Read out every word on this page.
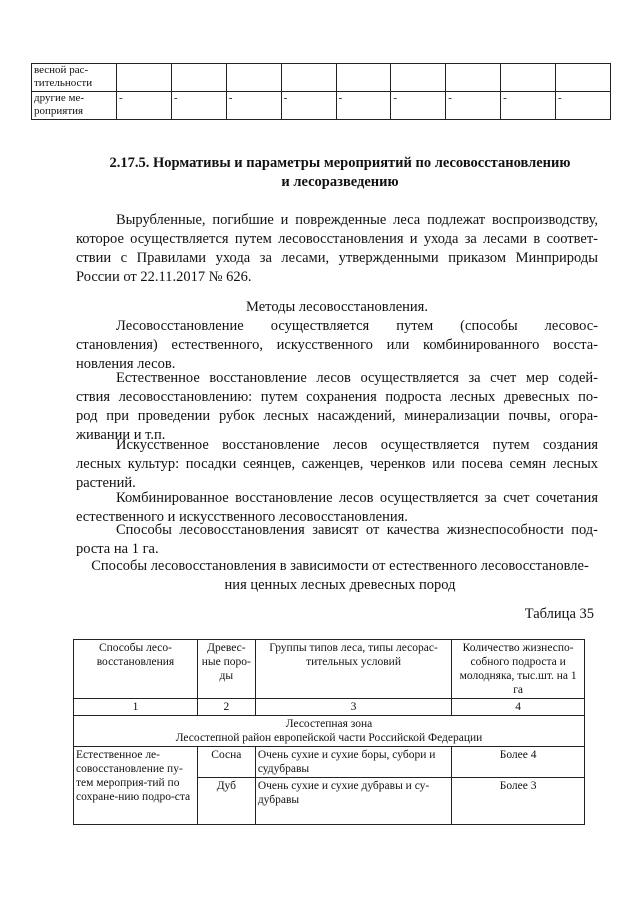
весной рас-тительности									
другие ме-роприятия	-	-	-	-	-	-	-	-	-
2.17.5. Нормативы и параметры мероприятий по лесовосстановлению
и лесоразведению
Вырубленные, погибшие и поврежденные леса подлежат воспроизводству,
которое осуществляется путем лесовосстановления и ухода за лесами в соответ-
ствии с Правилами ухода за лесами, утвержденными приказом Минприроды
России от 22.11.2017 № 626.
Методы лесовосстановления.
Лесовосстановление осуществляется путем (способы лесовос-
становления) естественного, искусственного или комбинированного восста-
новления лесов.
Естественное восстановление лесов осуществляется за счет мер содей-
ствия лесовосстановлению: путем сохранения подроста лесных древесных по-
род при проведении рубок лесных насаждений, минерализации почвы, огора-
живании и т.п.
Искусственное восстановление лесов осуществляется путем создания
лесных культур: посадки сеянцев, саженцев, черенков или посева семян лесных
растений.
Комбинированное восстановление лесов осуществляется за счет сочетания
естественного и искусственного лесовосстановления.
Способы лесовосстановления зависят от качества жизнеспособности под-
роста на 1 га.
Способы лесовосстановления в зависимости от естественного лесовосстановле-
ния ценных лесных древесных пород
Таблица 35
Способы лесо-восстановления	Древес-ные поро-ды	Группы типов леса, типы лесорас-тительных условий	Количество жизнеспо-собного подроста и молодняка, тыс.шт. на 1 га
1	2	3	4

Лесостепная зона
Лесостепной район европейской части Российской Федерации			

Естественное ле-совосстановление пу-тем мероприя-тий по сохране-нию подро-ста	Сосна	Очень сухие и сухие боры, субори и судубравы	Более 4
	Дуб	Очень сухие и сухие дубравы и су-дубравы	Более 3
